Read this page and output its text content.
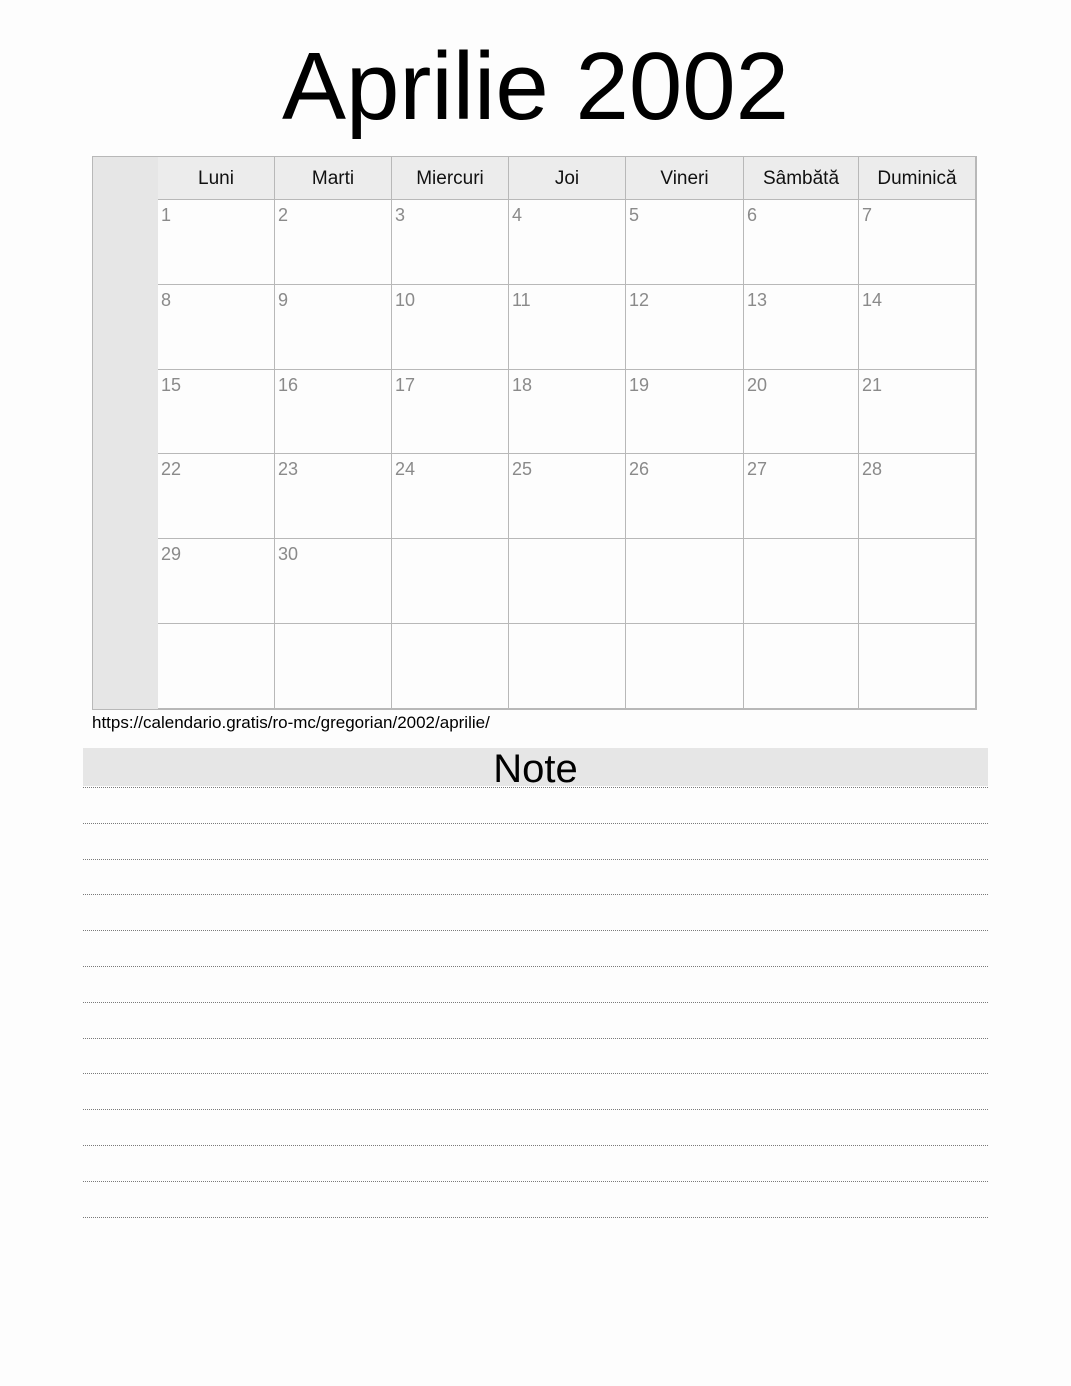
Aprilie 2002
Luni	Marti	Miercuri	Joi	Vineri	Sâmbătă	Duminică
1	2	3	4	5	6	7
8	9	10	11	12	13	14
15	16	17	18	19	20	21
22	23	24	25	26	27	28
29	30
https://calendario.gratis/ro-mc/gregorian/2002/aprilie/
Note
